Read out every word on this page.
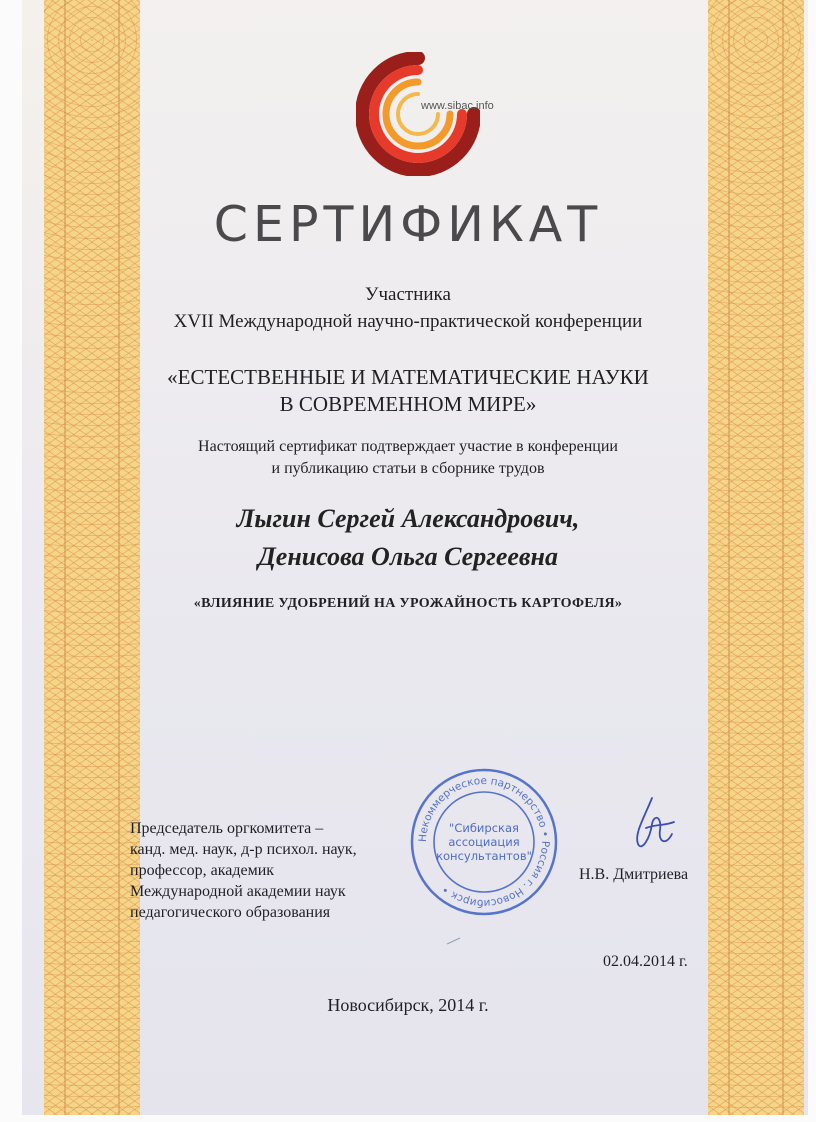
www.sibac.info
СЕРТИФИКАТ
Участника
XVII Международной научно-практической конференции
«ЕСТЕСТВЕННЫЕ И МАТЕМАТИЧЕСКИЕ НАУКИ
В СОВРЕМЕННОМ МИРЕ»
Настоящий сертификат подтверждает участие в конференции
и публикацию статьи в сборнике трудов
Лыгин Сергей Александрович,
Денисова Ольга Сергеевна
«ВЛИЯНИЕ УДОБРЕНИЙ НА УРОЖАЙНОСТЬ КАРТОФЕЛЯ»
Председатель оргкомитета –
канд. мед. наук, д-р психол. наук,
профессор, академик
Международной академии наук
педагогического образования
Некоммерческое партнерство • Россия г. Новосибирск •
"Сибирская
ассоциация
консультантов"
Н.В. Дмитриева
02.04.2014 г.
Новосибирск, 2014 г.
